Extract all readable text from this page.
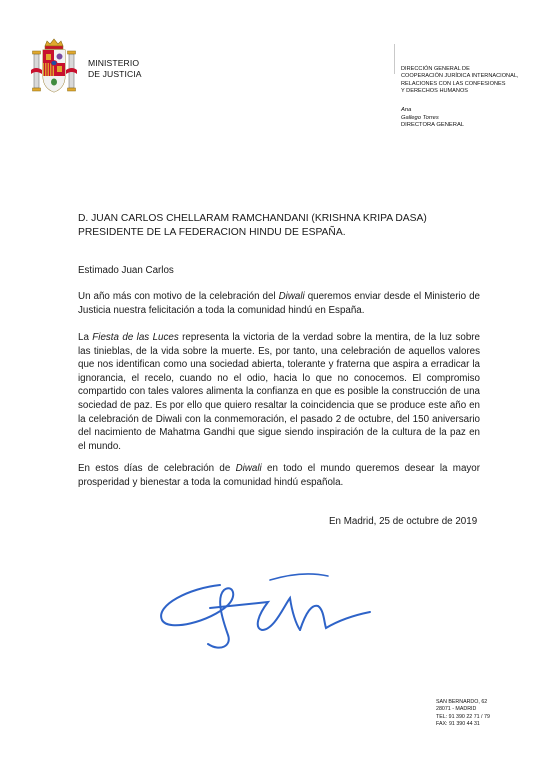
MINISTERIO
DE JUSTICIA	DIRECCIÓN GENERAL DE
COOPERACIÓN JURÍDICA INTERNACIONAL,
RELACIONES CON LAS CONFESIONES
Y DERECHOS HUMANOS
Ana
Gallego Torres
DIRECTORA GENERAL
D. JUAN CARLOS CHELLARAM RAMCHANDANI (KRISHNA KRIPA DASA)
PRESIDENTE DE LA FEDERACION HINDU DE ESPAÑA.
Estimado Juan Carlos
Un año más con motivo de la celebración del Diwali queremos enviar desde el Ministerio de Justicia nuestra felicitación a toda la comunidad hindú en España.
La Fiesta de las Luces representa la victoria de la verdad sobre la mentira, de la luz sobre las tinieblas, de la vida sobre la muerte. Es, por tanto, una celebración de aquellos valores que nos identifican como una sociedad abierta, tolerante y fraterna que aspira a erradicar la ignorancia, el recelo, cuando no el odio, hacia lo que no conocemos. El compromiso compartido con tales valores alimenta la confianza en que es posible la construcción de una sociedad de paz. Es por ello que quiero resaltar la coincidencia que se produce este año en la celebración de Diwali con la conmemoración, el pasado 2 de octubre, del 150 aniversario del nacimiento de Mahatma Gandhi que sigue siendo inspiración de la cultura de la paz en el mundo.
En estos días de celebración de Diwali en todo el mundo queremos desear la mayor prosperidad y bienestar a toda la comunidad hindú española.
En Madrid, 25 de octubre de 2019
SAN BERNARDO, 62
28071 - MADRID
TEL: 91 390 22 71 / 79
FAX: 91 390 44 31
